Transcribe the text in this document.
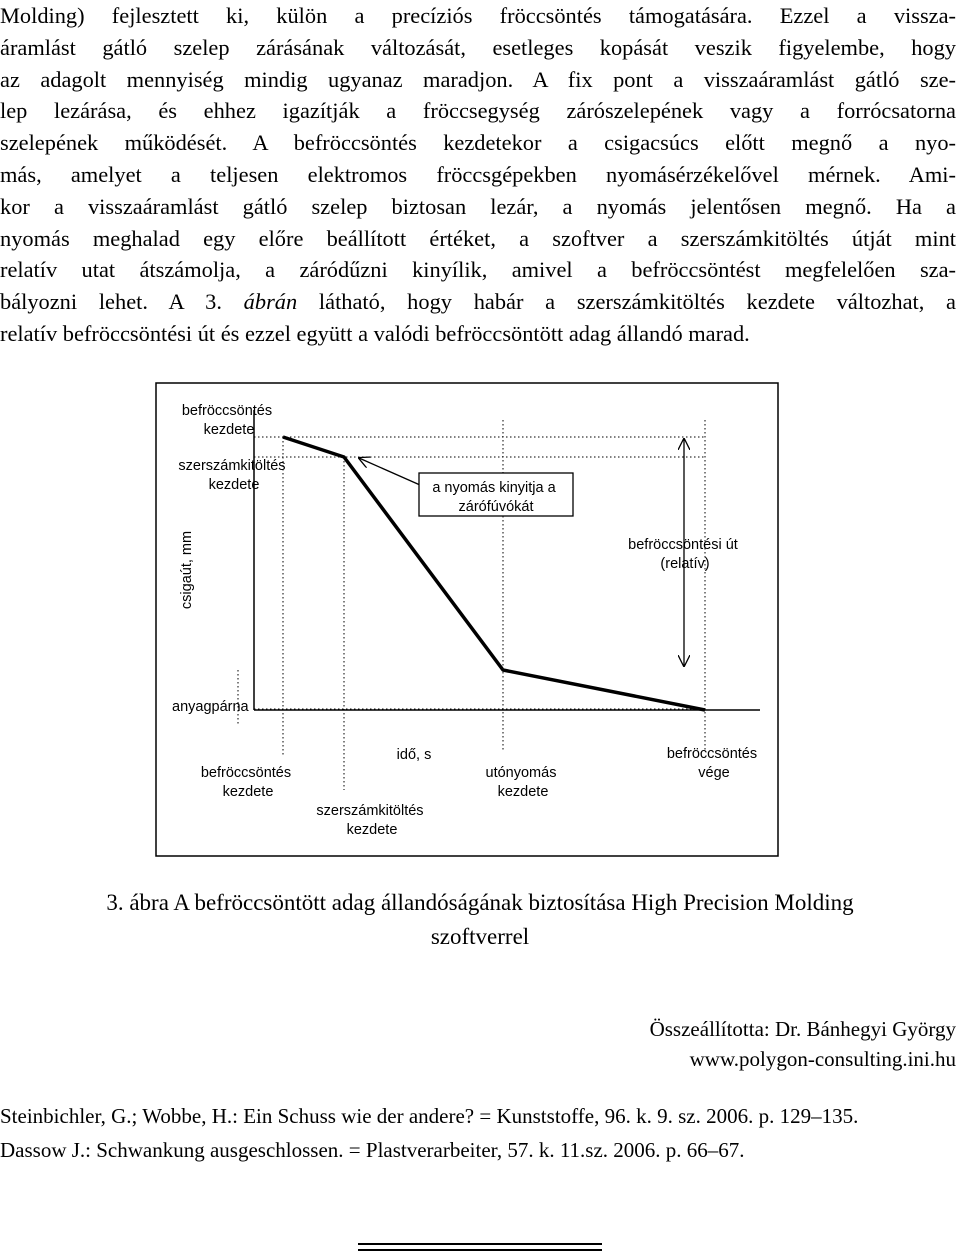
Molding) fejlesztett ki, külön a precíziós fröccsöntés támogatására. Ezzel a vissza-
áramlást gátló szelep zárásának változását, esetleges kopását veszik figyelembe, hogy
az adagolt mennyiség mindig ugyanaz maradjon. A fix pont a visszaáramlást gátló sze-
lep lezárása, és ehhez igazítják a fröccsegység zárószelepének vagy a forrócsatorna
szelepének működését. A befröccsöntés kezdetekor a csigacsúcs előtt megnő a nyo-
más, amelyet a teljesen elektromos fröccsgépekben nyomásérzékelővel mérnek. Ami-
kor a visszaáramlást gátló szelep biztosan lezár, a nyomás jelentősen megnő. Ha a
nyomás meghalad egy előre beállított értéket, a szoftver a szerszámkitöltés útját mint
relatív utat átszámolja, a záródűzni kinyílik, amivel a befröccsöntést megfelelően sza-
bályozni lehet. A 3. ábrán látható, hogy habár a szerszámkitöltés kezdete változhat, a
relatív befröccsöntési út és ezzel együtt a valódi befröccsöntött adag állandó marad.
csigaút, mm
befröccsöntés kezdete
szerszámkitöltés kezdete	a nyomás kinyitja a zárófúvókát
befröccsöntési út (relatív)
anyagpárna
idő, s
befröccsöntés kezdete
szerszámkitöltés kezdete
utónyomás kezdete
befröccsöntés vége
3. ábra A befröccsöntött adag állandóságának biztosítása High Precision Molding
szoftverrel
Összeállította: Dr. Bánhegyi György
www.polygon-consulting.ini.hu
Steinbichler, G.; Wobbe, H.: Ein Schuss wie der andere? = Kunststoffe, 96. k. 9. sz. 2006. p. 129–135.
Dassow J.: Schwankung ausgeschlossen. = Plastverarbeiter, 57. k. 11.sz. 2006. p. 66–67.
